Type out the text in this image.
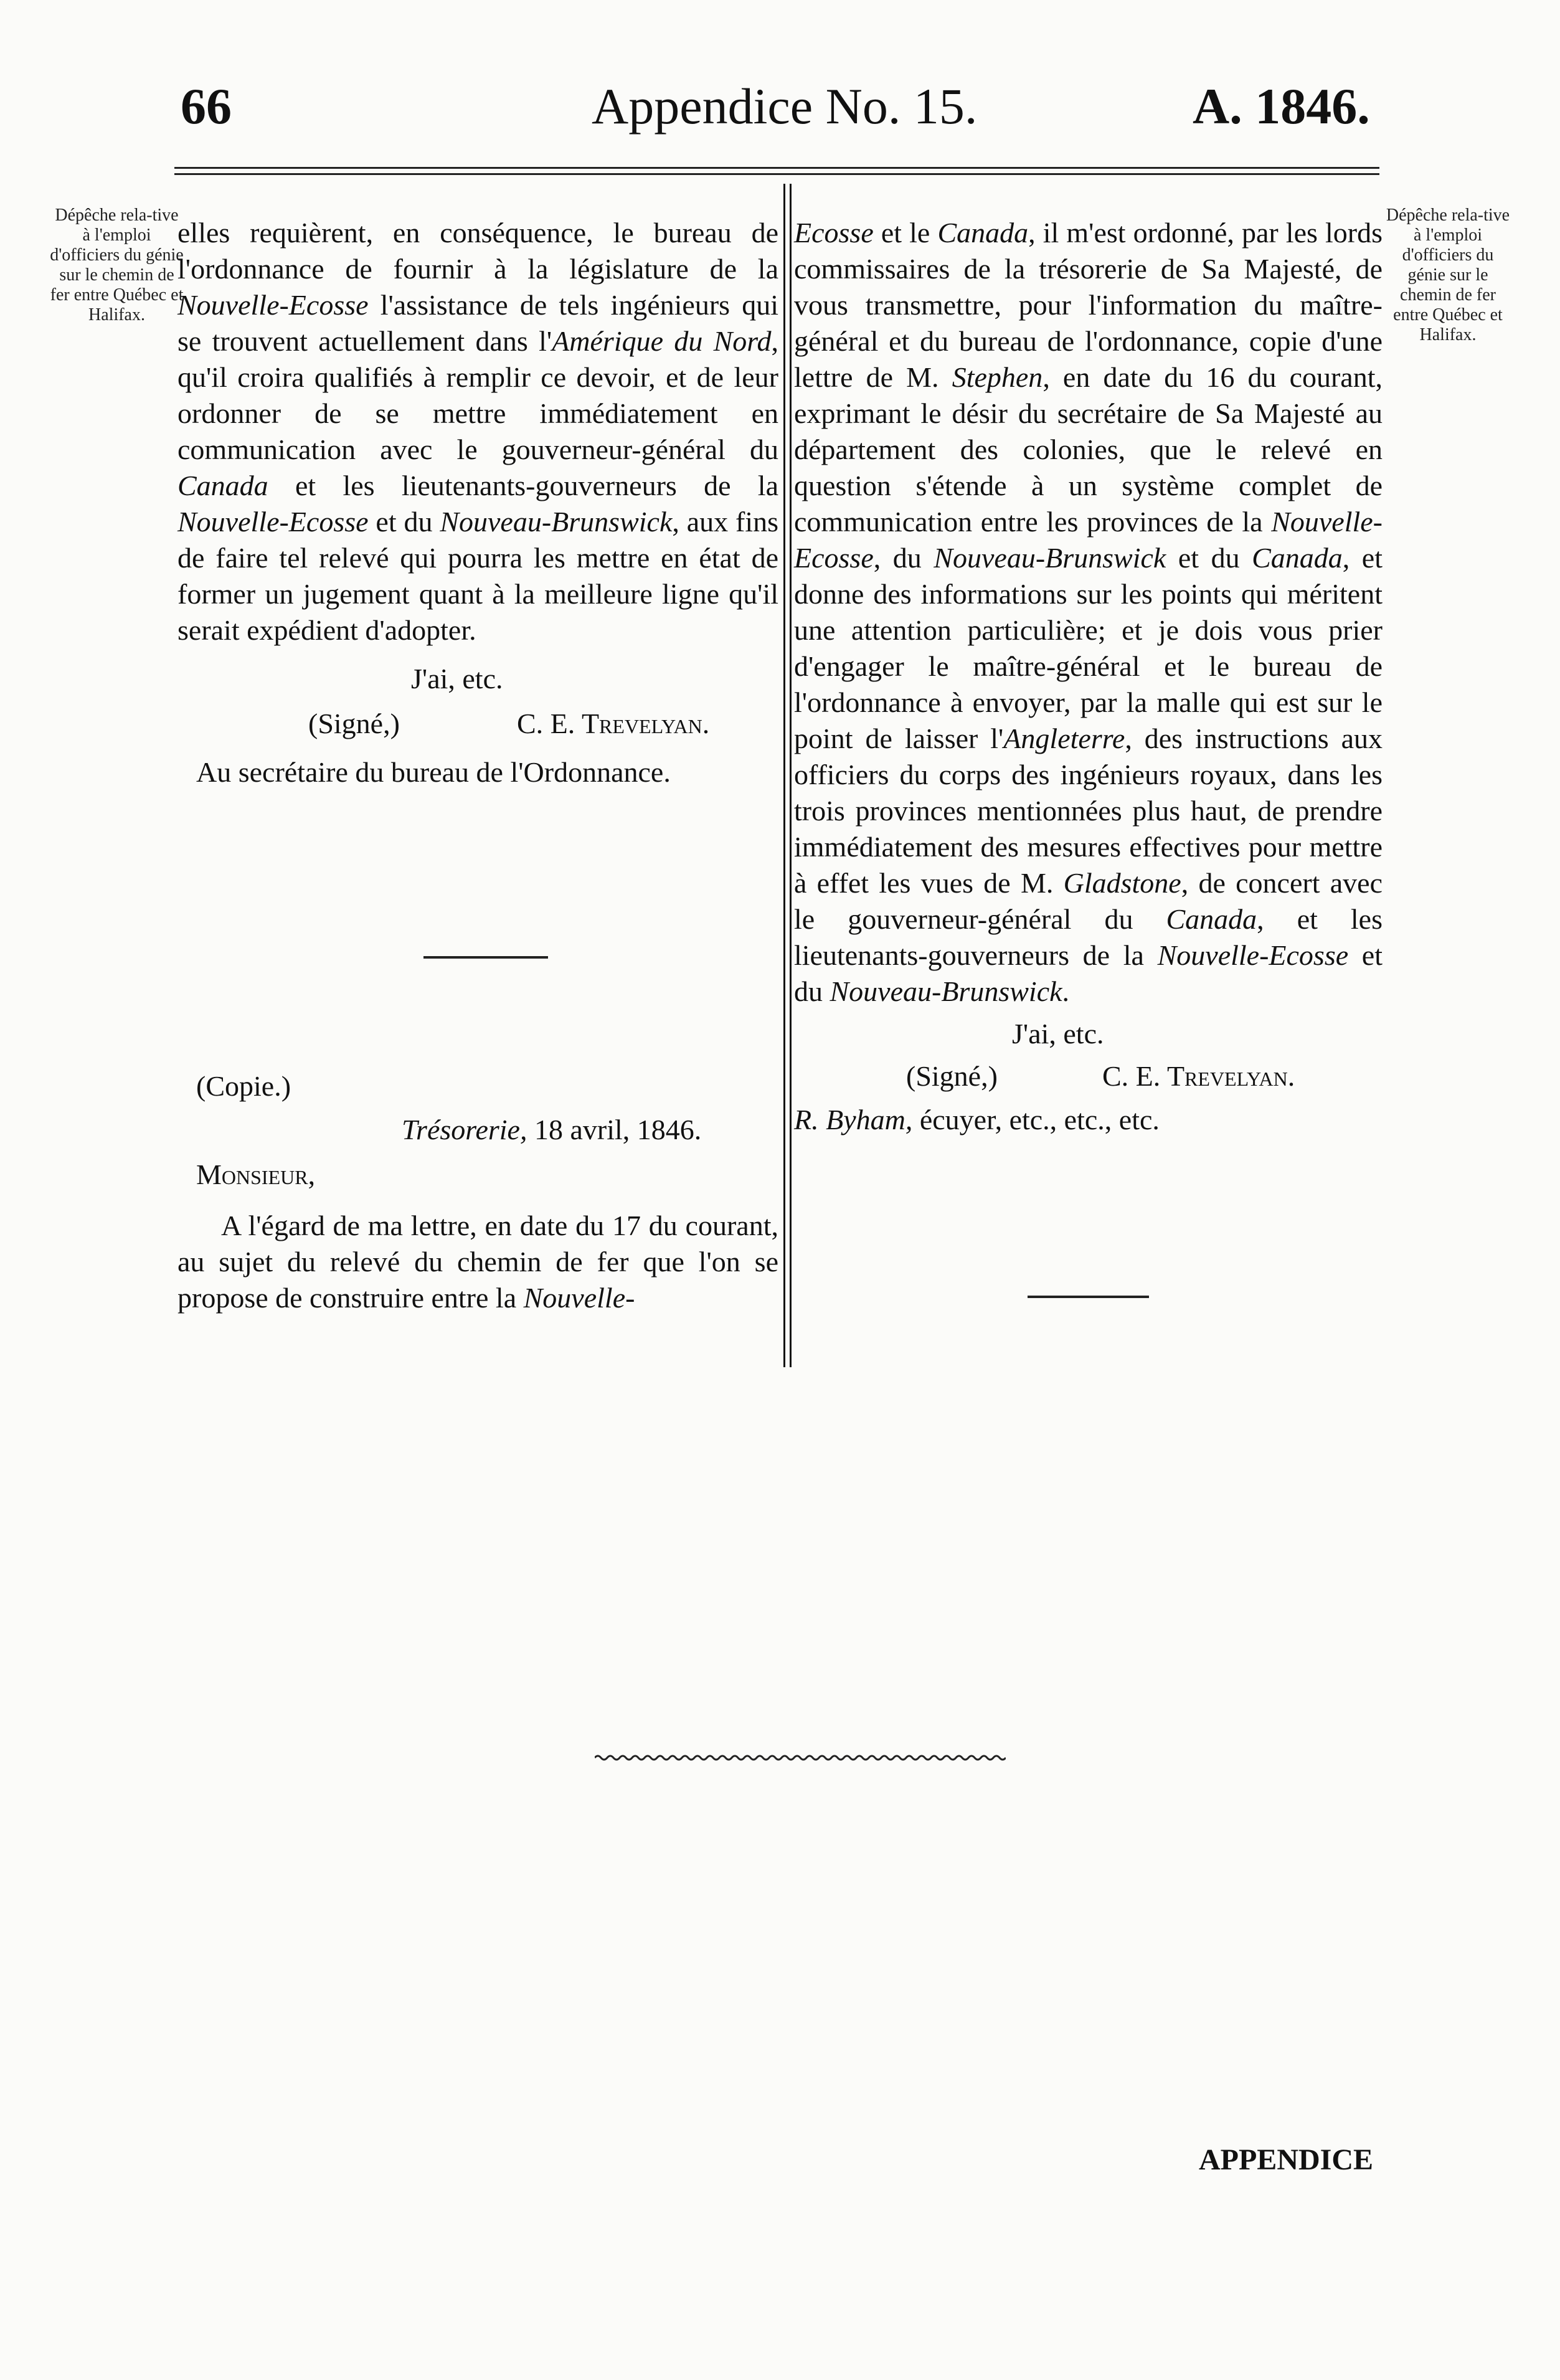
66	Appendice No. 15.	A. 1846.
Dépêche rela-tive à l'emploi d'officiers du génie sur le chemin de fer entre Québec et Halifax.
Dépêche rela-tive à l'emploi d'officiers du génie sur le chemin de fer entre Québec et Halifax.

elles requièrent, en conséquence, le bureau de l'ordonnance de fournir à la législature de la Nouvelle-Ecosse l'assistance de tels ingénieurs qui se trouvent actuellement dans l'Amérique du Nord, qu'il croira qualifiés à remplir ce devoir, et de leur ordonner de se mettre immédiatement en communication avec le gouverneur-général du Canada et les lieutenants-gouverneurs de la Nouvelle-Ecosse et du Nouveau-Brunswick, aux fins de faire tel relevé qui pourra les mettre en état de former un jugement quant à la meilleure ligne qu'il serait expédient d'adopter.

J'ai, etc.
(Signé,)	C. E. Trevelyan.
Au secrétaire du bureau de l'Ordonnance.
(Copie.)
Trésorerie, 18 avril, 1846.
Monsieur,

A l'égard de ma lettre, en date du 17 du courant, au sujet du relevé du chemin de fer que l'on se propose de construire entre la Nouvelle-

Ecosse et le Canada, il m'est ordonné, par les lords commissaires de la trésorerie de Sa Majesté, de vous transmettre, pour l'information du maître-général et du bureau de l'ordonnance, copie d'une lettre de M. Stephen, en date du 16 du courant, exprimant le désir du secrétaire de Sa Majesté au département des colonies, que le relevé en question s'étende à un système complet de communication entre les provinces de la Nouvelle-Ecosse, du Nouveau-Brunswick et du Canada, et donne des informations sur les points qui méritent une attention particulière; et je dois vous prier d'engager le maître-général et le bureau de l'ordonnance à envoyer, par la malle qui est sur le point de laisser l'Angleterre, des instructions aux officiers du corps des ingénieurs royaux, dans les trois provinces mentionnées plus haut, de prendre immédiatement des mesures effectives pour mettre à effet les vues de M. Gladstone, de concert avec le gouverneur-général du Canada, et les lieutenants-gouverneurs de la Nouvelle-Ecosse et du Nouveau-Brunswick.

J'ai, etc.
(Signé,)	C. E. Trevelyan.
R. Byham, écuyer, etc., etc., etc.
APPENDICE
